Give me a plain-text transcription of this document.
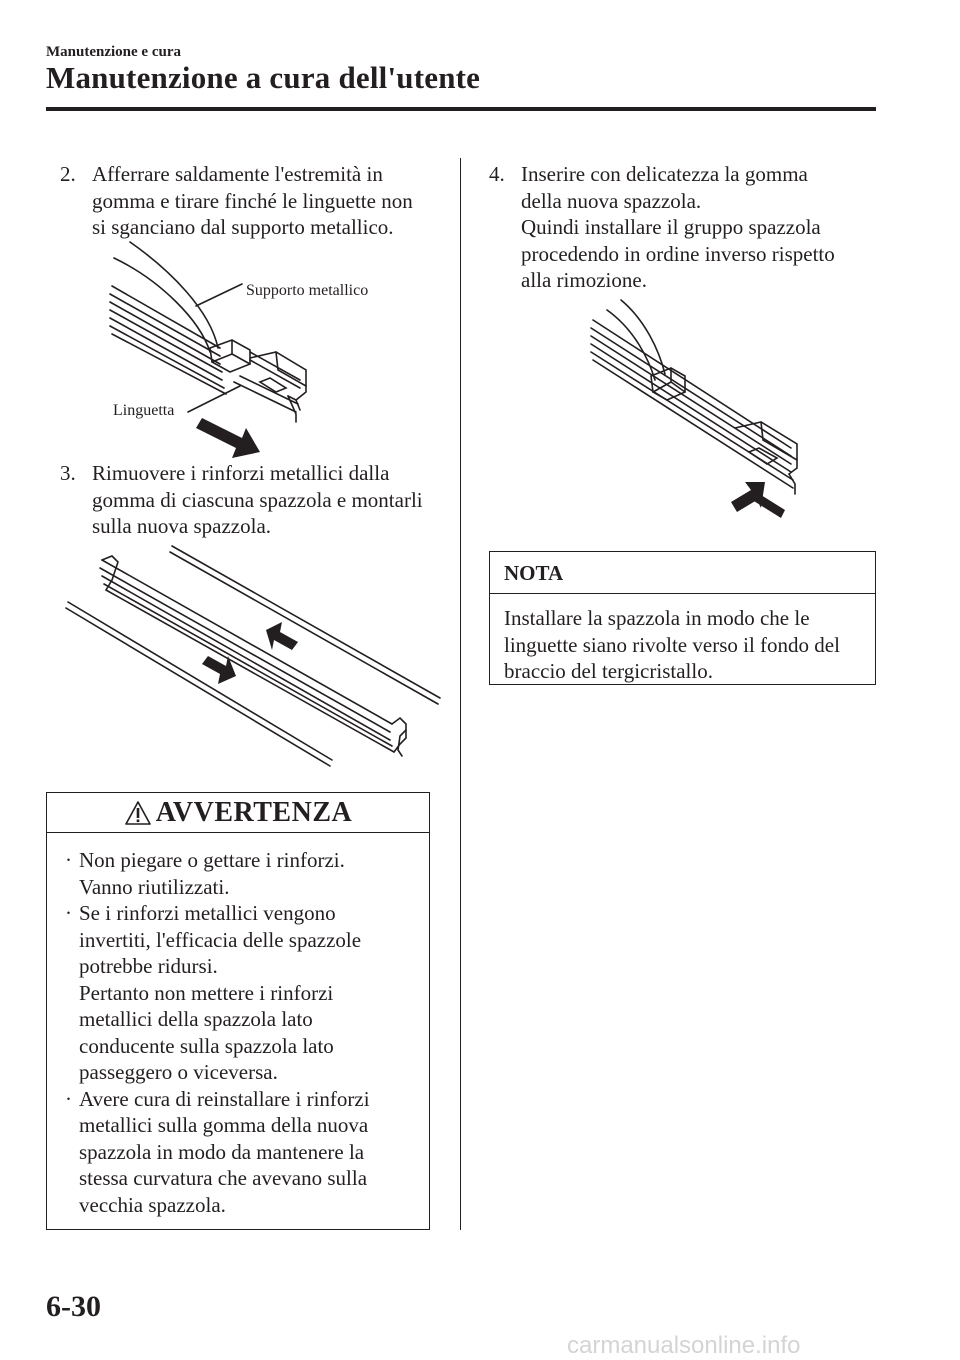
Manutenzione e cura
Manutenzione a cura dell'utente
2. Afferrare saldamente l'estremità in
gomma e tirare finché le linguette non
si sganciano dal supporto metallico.
Supporto metallico
Linguetta
3. Rimuovere i rinforzi metallici dalla
gomma di ciascuna spazzola e montarli
sulla nuova spazzola.
AVVERTENZA
· Non piegare o gettare i rinforzi.
Vanno riutilizzati.
· Se i rinforzi metallici vengono
invertiti, l'efficacia delle spazzole
potrebbe ridursi.
Pertanto non mettere i rinforzi
metallici della spazzola lato
conducente sulla spazzola lato
passeggero o viceversa.
· Avere cura di reinstallare i rinforzi
metallici sulla gomma della nuova
spazzola in modo da mantenere la
stessa curvatura che avevano sulla
vecchia spazzola.
4. Inserire con delicatezza la gomma
della nuova spazzola.
Quindi installare il gruppo spazzola
procedendo in ordine inverso rispetto
alla rimozione.
NOTA
Installare la spazzola in modo che le
linguette siano rivolte verso il fondo del
braccio del tergicristallo.
6-30
carmanualsonline.info
